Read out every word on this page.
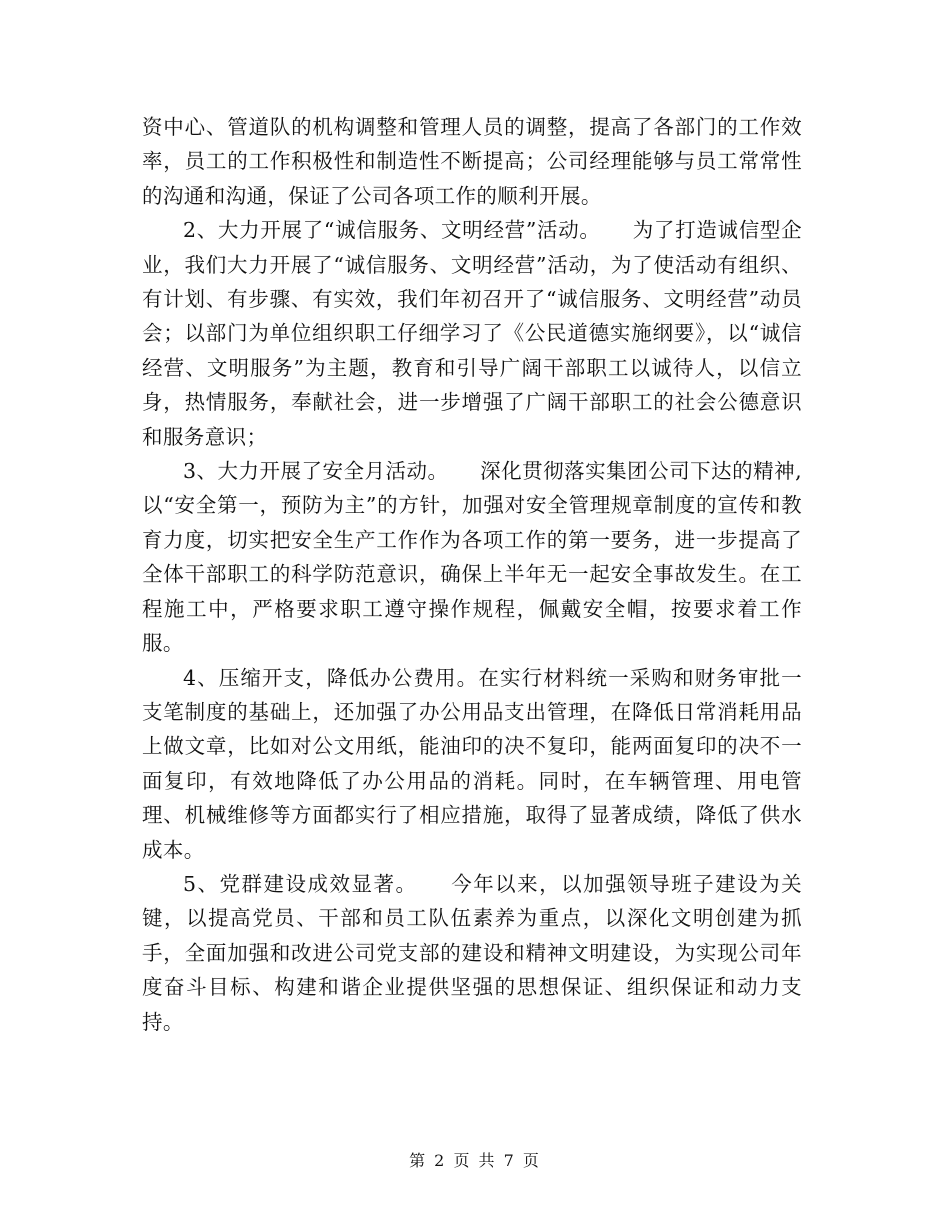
资中心、管道队的机构调整和管理人员的调整，提高了各部门的工作效率，员工的工作积极性和制造性不断提高；公司经理能够与员工常常性的沟通和沟通，保证了公司各项工作的顺利开展。

2、大力开展了“诚信服务、文明经营”活动。　　为了打造诚信型企业，我们大力开展了“诚信服务、文明经营”活动，为了使活动有组织、有计划、有步骤、有实效，我们年初召开了“诚信服务、文明经营”动员会；以部门为单位组织职工仔细学习了《公民道德实施纲要》，以“诚信经营、文明服务”为主题，教育和引导广阔干部职工以诚待人，以信立身，热情服务，奉献社会，进一步增强了广阔干部职工的社会公德意识和服务意识；

3、大力开展了安全月活动。　　深化贯彻落实集团公司下达的精神,以“安全第一，预防为主”的方针，加强对安全管理规章制度的宣传和教育力度，切实把安全生产工作作为各项工作的第一要务，进一步提高了全体干部职工的科学防范意识，确保上半年无一起安全事故发生。在工程施工中，严格要求职工遵守操作规程，佩戴安全帽，按要求着工作服。

4、压缩开支，降低办公费用。在实行材料统一采购和财务审批一支笔制度的基础上，还加强了办公用品支出管理，在降低日常消耗用品上做文章，比如对公文用纸，能油印的决不复印，能两面复印的决不一面复印，有效地降低了办公用品的消耗。同时，在车辆管理、用电管理、机械维修等方面都实行了相应措施，取得了显著成绩，降低了供水成本。

5、党群建设成效显著。　　今年以来，以加强领导班子建设为关键，以提高党员、干部和员工队伍素养为重点，以深化文明创建为抓手，全面加强和改进公司党支部的建设和精神文明建设，为实现公司年度奋斗目标、构建和谐企业提供坚强的思想保证、组织保证和动力支持。

第 2 页 共 7 页
